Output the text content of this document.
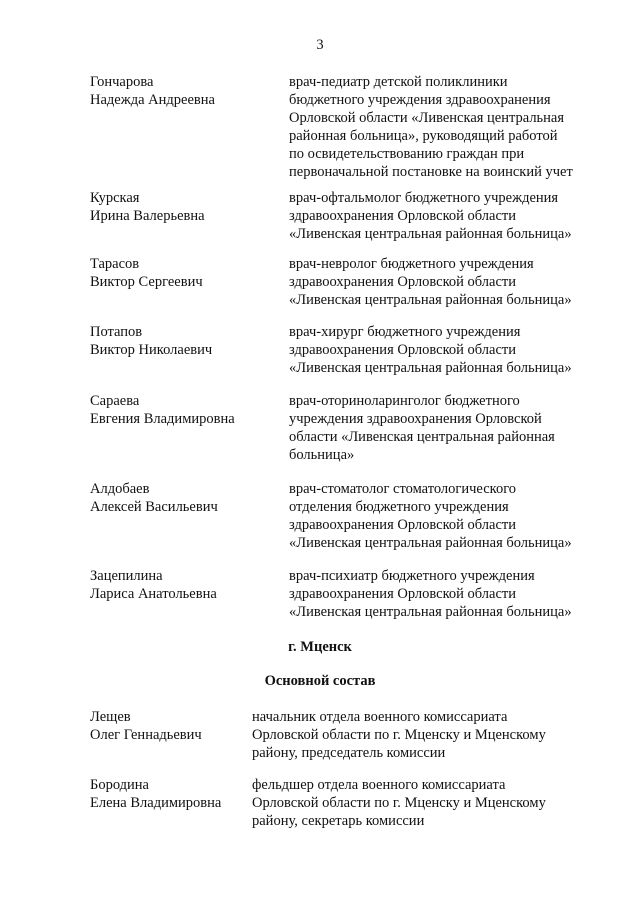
3
Гончарова
Надежда Андреевна
врач-педиатр детской поликлиники
бюджетного учреждения здравоохранения
Орловской области «Ливенская центральная
районная больница», руководящий работой
по освидетельствованию граждан при
первоначальной постановке на воинский учет
Курская
Ирина Валерьевна
врач-офтальмолог бюджетного учреждения
здравоохранения Орловской области
«Ливенская центральная районная больница»
Тарасов
Виктор Сергеевич
врач-невролог бюджетного учреждения
здравоохранения Орловской области
«Ливенская центральная районная больница»
Потапов
Виктор Николаевич
врач-хирург бюджетного учреждения
здравоохранения Орловской области
«Ливенская центральная районная больница»
Сараева
Евгения Владимировна
врач-оториноларинголог бюджетного
учреждения здравоохранения Орловской
области «Ливенская центральная районная
больница»
Алдобаев
Алексей Васильевич
врач-стоматолог стоматологического
отделения бюджетного учреждения
здравоохранения Орловской области
«Ливенская центральная районная больница»
Зацепилина
Лариса Анатольевна
врач-психиатр бюджетного учреждения
здравоохранения Орловской области
«Ливенская центральная районная больница»
г. Мценск
Основной состав
Лещев
Олег Геннадьевич
начальник отдела военного комиссариата
Орловской области по г. Мценску и Мценскому
району, председатель комиссии
Бородина
Елена Владимировна
фельдшер отдела военного комиссариата
Орловской области по г. Мценску и Мценскому
району, секретарь комиссии
